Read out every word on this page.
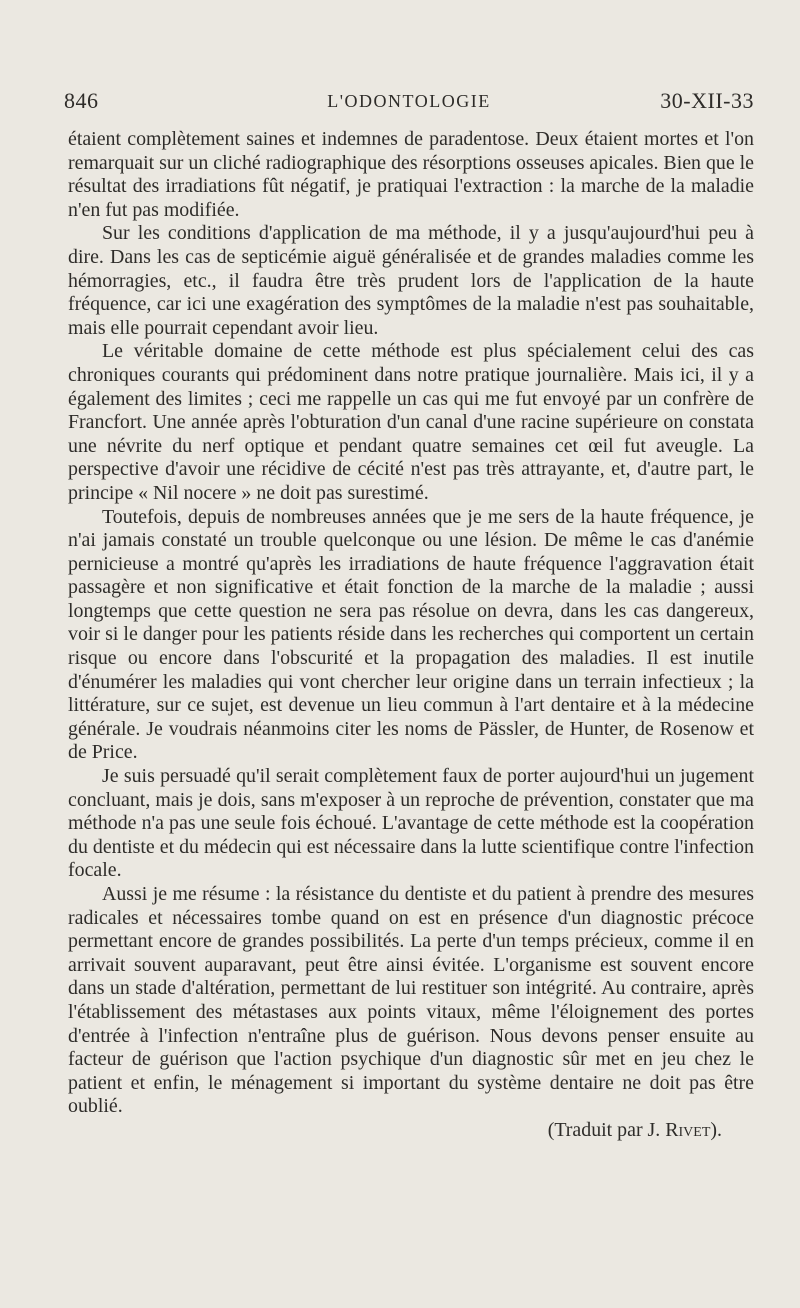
846	L'ODONTOLOGIE	30-XII-33

étaient complètement saines et indemnes de paradentose. Deux étaient mortes et l'on remarquait sur un cliché radiographique des résorptions osseuses apicales. Bien que le résultat des irradiations fût négatif, je pratiquai l'extraction : la marche de la maladie n'en fut pas modifiée.

Sur les conditions d'application de ma méthode, il y a jusqu'aujourd'hui peu à dire. Dans les cas de septicémie aiguë généralisée et de grandes maladies comme les hémorragies, etc., il faudra être très prudent lors de l'application de la haute fréquence, car ici une exagération des symptômes de la maladie n'est pas souhaitable, mais elle pourrait cependant avoir lieu.

Le véritable domaine de cette méthode est plus spécialement celui des cas chroniques courants qui prédominent dans notre pratique journalière. Mais ici, il y a également des limites ; ceci me rappelle un cas qui me fut envoyé par un confrère de Francfort. Une année après l'obturation d'un canal d'une racine supérieure on constata une névrite du nerf optique et pendant quatre semaines cet œil fut aveugle. La perspective d'avoir une récidive de cécité n'est pas très attrayante, et, d'autre part, le principe « Nil nocere » ne doit pas surestimé.

Toutefois, depuis de nombreuses années que je me sers de la haute fréquence, je n'ai jamais constaté un trouble quelconque ou une lésion. De même le cas d'anémie pernicieuse a montré qu'après les irradiations de haute fréquence l'aggravation était passagère et non significative et était fonction de la marche de la maladie ; aussi longtemps que cette question ne sera pas résolue on devra, dans les cas dangereux, voir si le danger pour les patients réside dans les recherches qui comportent un certain risque ou encore dans l'obscurité et la propagation des maladies. Il est inutile d'énumérer les maladies qui vont chercher leur origine dans un terrain infectieux ; la littérature, sur ce sujet, est devenue un lieu commun à l'art dentaire et à la médecine générale. Je voudrais néanmoins citer les noms de Pässler, de Hunter, de Rosenow et de Price.

Je suis persuadé qu'il serait complètement faux de porter aujourd'hui un jugement concluant, mais je dois, sans m'exposer à un reproche de prévention, constater que ma méthode n'a pas une seule fois échoué. L'avantage de cette méthode est la coopération du dentiste et du médecin qui est nécessaire dans la lutte scientifique contre l'infection focale.

Aussi je me résume : la résistance du dentiste et du patient à prendre des mesures radicales et nécessaires tombe quand on est en présence d'un diagnostic précoce permettant encore de grandes possibilités. La perte d'un temps précieux, comme il en arrivait souvent auparavant, peut être ainsi évitée. L'organisme est souvent encore dans un stade d'altération, permettant de lui restituer son intégrité. Au contraire, après l'établissement des métastases aux points vitaux, même l'éloignement des portes d'entrée à l'infection n'entraîne plus de guérison. Nous devons penser ensuite au facteur de guérison que l'action psychique d'un diagnostic sûr met en jeu chez le patient et enfin, le ménagement si important du système dentaire ne doit pas être oublié.

(Traduit par J. Rivet).
